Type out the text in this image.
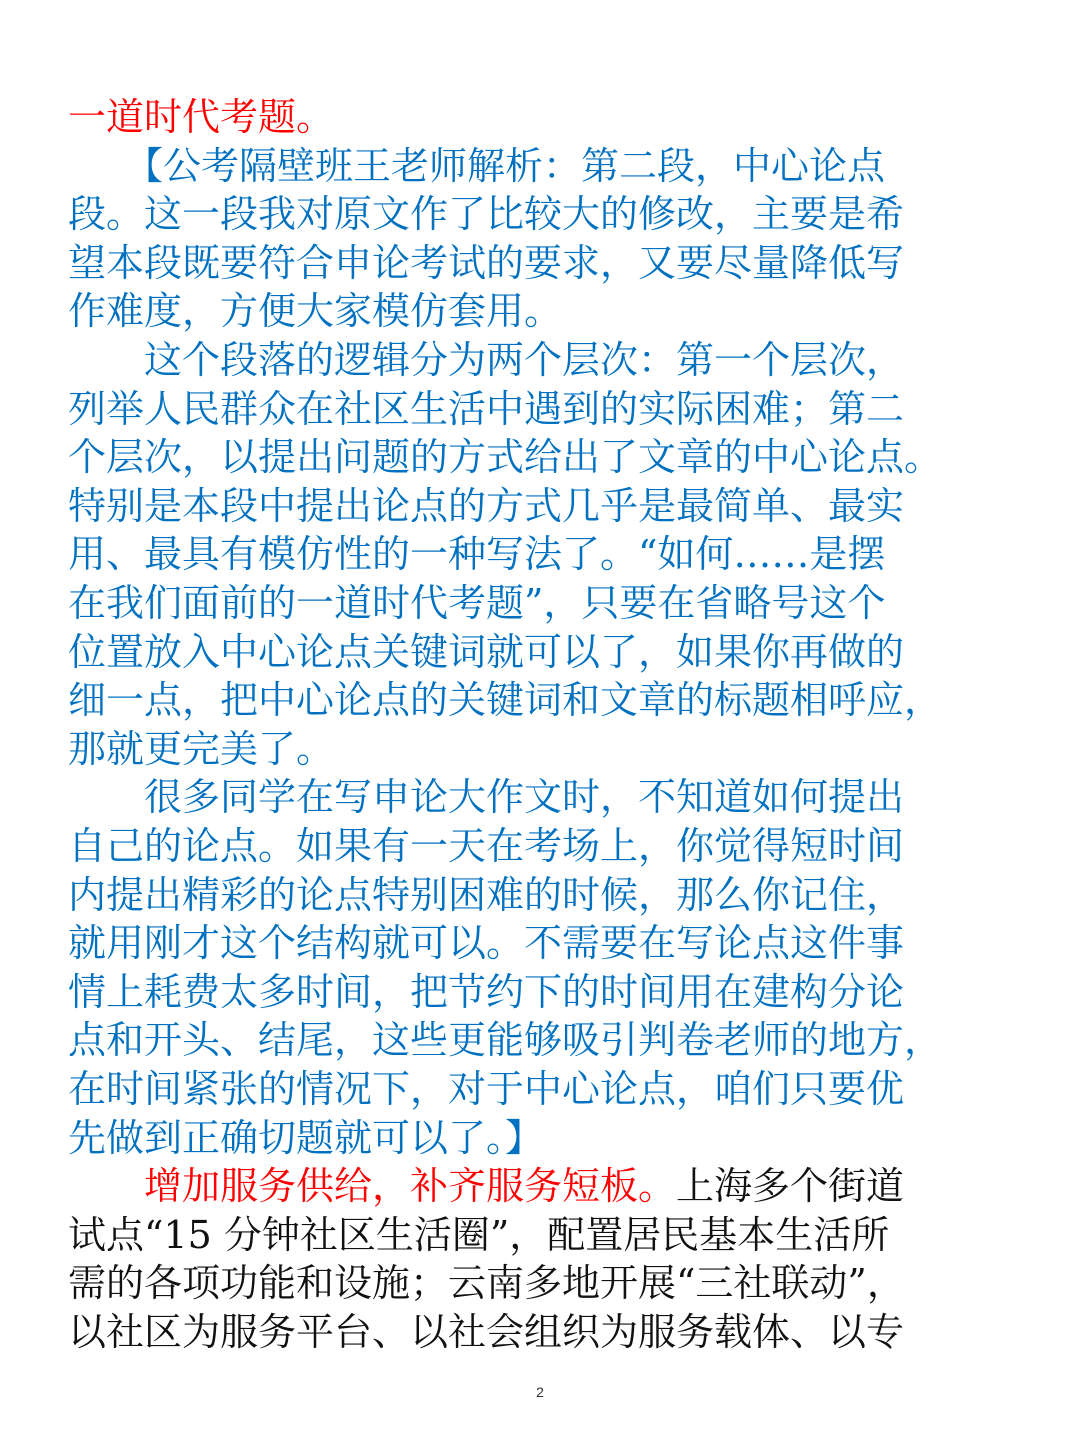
一道时代考题。
　　【公考隔壁班王老师解析：第二段，中心论点
段。这一段我对原文作了比较大的修改，主要是希
望本段既要符合申论考试的要求，又要尽量降低写
作难度，方便大家模仿套用。
　　这个段落的逻辑分为两个层次：第一个层次，
列举人民群众在社区生活中遇到的实际困难；第二
个层次，以提出问题的方式给出了文章的中心论点。
特别是本段中提出论点的方式几乎是最简单、最实
用、最具有模仿性的一种写法了。“如何……是摆
在我们面前的一道时代考题”，只要在省略号这个
位置放入中心论点关键词就可以了，如果你再做的
细一点，把中心论点的关键词和文章的标题相呼应，
那就更完美了。
　　很多同学在写申论大作文时，不知道如何提出
自己的论点。如果有一天在考场上，你觉得短时间
内提出精彩的论点特别困难的时候，那么你记住，
就用刚才这个结构就可以。不需要在写论点这件事
情上耗费太多时间，把节约下的时间用在建构分论
点和开头、结尾，这些更能够吸引判卷老师的地方，
在时间紧张的情况下，对于中心论点，咱们只要优
先做到正确切题就可以了。】
　　增加服务供给，补齐服务短板。上海多个街道
试点“15 分钟社区生活圈”，配置居民基本生活所
需的各项功能和设施；云南多地开展“三社联动”，
以社区为服务平台、以社会组织为服务载体、以专
2
